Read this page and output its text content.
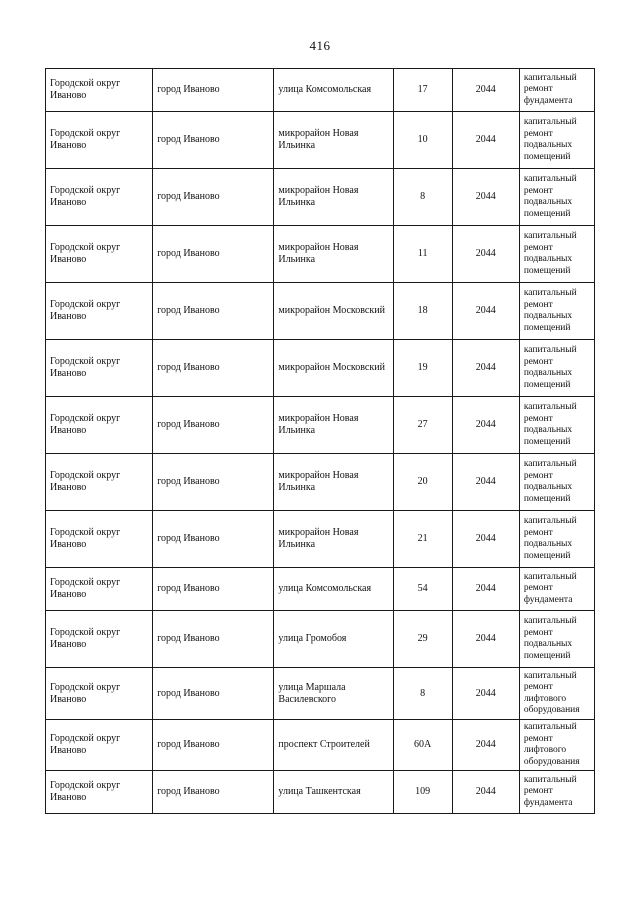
416
Городской округ Иваново	город Иваново	улица Комсомольская	17	2044	капитальный ремонт фундамента
Городской округ Иваново	город Иваново	микрорайон Новая Ильинка	10	2044	капитальный ремонт подвальных помещений
Городской округ Иваново	город Иваново	микрорайон Новая Ильинка	8	2044	капитальный ремонт подвальных помещений
Городской округ Иваново	город Иваново	микрорайон Новая Ильинка	11	2044	капитальный ремонт подвальных помещений
Городской округ Иваново	город Иваново	микрорайон Московский	18	2044	капитальный ремонт подвальных помещений
Городской округ Иваново	город Иваново	микрорайон Московский	19	2044	капитальный ремонт подвальных помещений
Городской округ Иваново	город Иваново	микрорайон Новая Ильинка	27	2044	капитальный ремонт подвальных помещений
Городской округ Иваново	город Иваново	микрорайон Новая Ильинка	20	2044	капитальный ремонт подвальных помещений
Городской округ Иваново	город Иваново	микрорайон Новая Ильинка	21	2044	капитальный ремонт подвальных помещений
Городской округ Иваново	город Иваново	улица Комсомольская	54	2044	капитальный ремонт фундамента
Городской округ Иваново	город Иваново	улица Громобоя	29	2044	капитальный ремонт подвальных помещений
Городской округ Иваново	город Иваново	улица Маршала Василевского	8	2044	капитальный ремонт лифтового оборудования
Городской округ Иваново	город Иваново	проспект Строителей	60А	2044	капитальный ремонт лифтового оборудования
Городской округ Иваново	город Иваново	улица Ташкентская	109	2044	капитальный ремонт фундамента
